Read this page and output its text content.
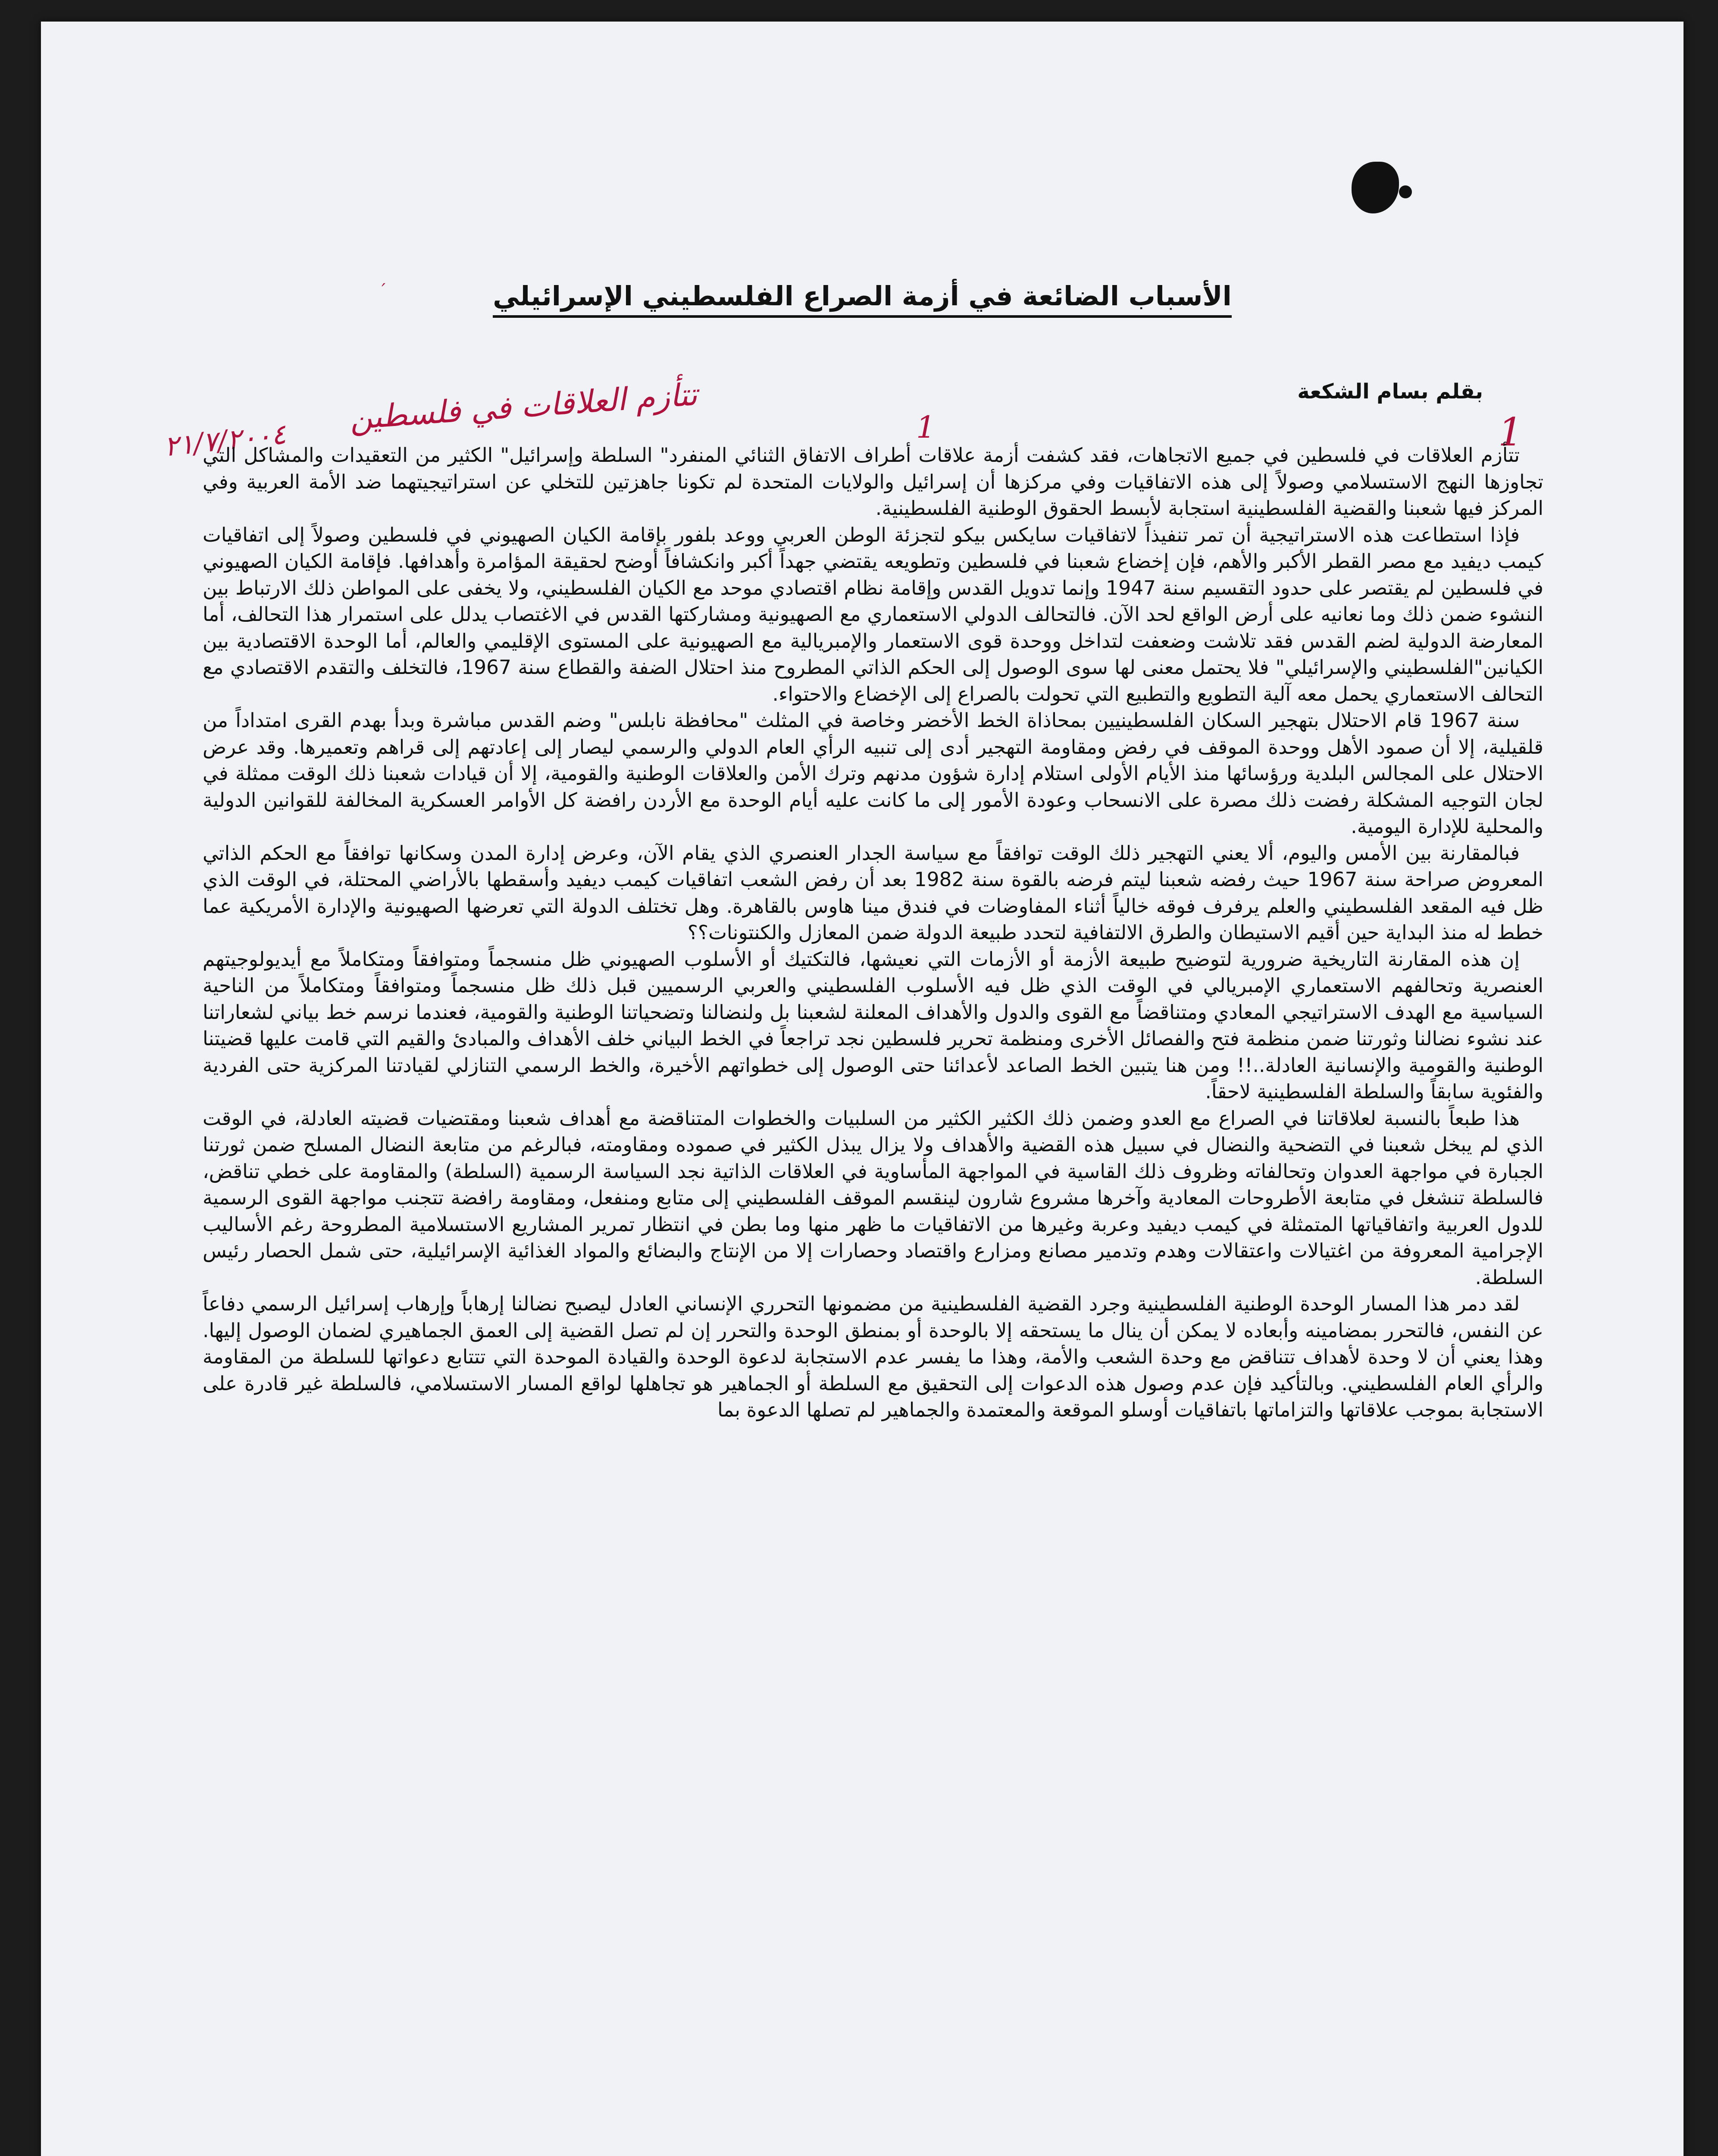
′	الأسباب الضائعة في أزمة الصراع الفلسطيني الإسرائيلي
بقلم بسام الشكعة
تتأزم العلاقات في فلسطين
٢١/٧/٢٠٠٤	1	1

تتأزم العلاقات في فلسطين في جميع الاتجاهات، فقد كشفت أزمة علاقات أطراف الاتفاق الثنائي المنفرد" السلطة وإسرائيل" الكثير من التعقيدات والمشاكل التي تجاوزها النهج الاستسلامي وصولاً إلى هذه الاتفاقيات وفي مركزها أن إسرائيل والولايات المتحدة لم تكونا جاهزتين للتخلي عن استراتيجيتهما ضد الأمة العربية وفي المركز فيها شعبنا والقضية الفلسطينية استجابة لأبسط الحقوق الوطنية الفلسطينية.

فإذا استطاعت هذه الاستراتيجية أن تمر تنفيذاً لاتفاقيات سايكس بيكو لتجزئة الوطن العربي ووعد بلفور بإقامة الكيان الصهيوني في فلسطين وصولاً إلى اتفاقيات كيمب ديفيد مع مصر القطر الأكبر والأهم، فإن إخضاع شعبنا في فلسطين وتطويعه يقتضي جهداً أكبر وانكشافاً أوضح لحقيقة المؤامرة وأهدافها. فإقامة الكيان الصهيوني في فلسطين لم يقتصر على حدود التقسيم سنة 1947 وإنما تدويل القدس وإقامة نظام اقتصادي موحد مع الكيان الفلسطيني، ولا يخفى على المواطن ذلك الارتباط بين النشوء ضمن ذلك وما نعانيه على أرض الواقع لحد الآن. فالتحالف الدولي الاستعماري مع الصهيونية ومشاركتها القدس في الاغتصاب يدلل على استمرار هذا التحالف، أما المعارضة الدولية لضم القدس فقد تلاشت وضعفت لتداخل ووحدة قوى الاستعمار والإمبريالية مع الصهيونية على المستوى الإقليمي والعالم، أما الوحدة الاقتصادية بين الكيانين"الفلسطيني والإسرائيلي" فلا يحتمل معنى لها سوى الوصول إلى الحكم الذاتي المطروح منذ احتلال الضفة والقطاع سنة 1967، فالتخلف والتقدم الاقتصادي مع التحالف الاستعماري يحمل معه آلية التطويع والتطبيع التي تحولت بالصراع إلى الإخضاع والاحتواء.

سنة 1967 قام الاحتلال بتهجير السكان الفلسطينيين بمحاذاة الخط الأخضر وخاصة في المثلث "محافظة نابلس" وضم القدس مباشرة وبدأ بهدم القرى امتداداً من قلقيلية، إلا أن صمود الأهل ووحدة الموقف في رفض ومقاومة التهجير أدى إلى تنبيه الرأي العام الدولي والرسمي ليصار إلى إعادتهم إلى قراهم وتعميرها. وقد عرض الاحتلال على المجالس البلدية ورؤسائها منذ الأيام الأولى استلام إدارة شؤون مدنهم وترك الأمن والعلاقات الوطنية والقومية، إلا أن قيادات شعبنا ذلك الوقت ممثلة في لجان التوجيه المشكلة رفضت ذلك مصرة على الانسحاب وعودة الأمور إلى ما كانت عليه أيام الوحدة مع الأردن رافضة كل الأوامر العسكرية المخالفة للقوانين الدولية والمحلية للإدارة اليومية.

فبالمقارنة بين الأمس واليوم، ألا يعني التهجير ذلك الوقت توافقاً مع سياسة الجدار العنصري الذي يقام الآن، وعرض إدارة المدن وسكانها توافقاً مع الحكم الذاتي المعروض صراحة سنة 1967 حيث رفضه شعبنا ليتم فرضه بالقوة سنة 1982 بعد أن رفض الشعب اتفاقيات كيمب ديفيد وأسقطها بالأراضي المحتلة، في الوقت الذي ظل فيه المقعد الفلسطيني والعلم يرفرف فوقه خالياً أثناء المفاوضات في فندق مينا هاوس بالقاهرة. وهل تختلف الدولة التي تعرضها الصهيونية والإدارة الأمريكية عما خطط له منذ البداية حين أقيم الاستيطان والطرق الالتفافية لتحدد طبيعة الدولة ضمن المعازل والكنتونات؟؟

إن هذه المقارنة التاريخية ضرورية لتوضيح طبيعة الأزمة أو الأزمات التي نعيشها، فالتكتيك أو الأسلوب الصهيوني ظل منسجماً ومتوافقاً ومتكاملاً مع أيديولوجيتهم العنصرية وتحالفهم الاستعماري الإمبريالي في الوقت الذي ظل فيه الأسلوب الفلسطيني والعربي الرسميين قبل ذلك ظل منسجماً ومتوافقاً ومتكاملاً من الناحية السياسية مع الهدف الاستراتيجي المعادي ومتناقضاً مع القوى والدول والأهداف المعلنة لشعبنا بل ولنضالنا وتضحياتنا الوطنية والقومية، فعندما نرسم خط بياني لشعاراتنا عند نشوء نضالنا وثورتنا ضمن منظمة فتح والفصائل الأخرى ومنظمة تحرير فلسطين نجد تراجعاً في الخط البياني خلف الأهداف والمبادئ والقيم التي قامت عليها قضيتنا الوطنية والقومية والإنسانية العادلة..!! ومن هنا يتبين الخط الصاعد لأعدائنا حتى الوصول إلى خطواتهم الأخيرة، والخط الرسمي التنازلي لقيادتنا المركزية حتى الفردية والفئوية سابقاً والسلطة الفلسطينية لاحقاً.

هذا طبعاً بالنسبة لعلاقاتنا في الصراع مع العدو وضمن ذلك الكثير الكثير من السلبيات والخطوات المتناقضة مع أهداف شعبنا ومقتضيات قضيته العادلة، في الوقت الذي لم يبخل شعبنا في التضحية والنضال في سبيل هذه القضية والأهداف ولا يزال يبذل الكثير في صموده ومقاومته، فبالرغم من متابعة النضال المسلح ضمن ثورتنا الجبارة في مواجهة العدوان وتحالفاته وظروف ذلك القاسية في المواجهة المأساوية في العلاقات الذاتية نجد السياسة الرسمية (السلطة) والمقاومة على خطي تناقض، فالسلطة تنشغل في متابعة الأطروحات المعادية وآخرها مشروع شارون لينقسم الموقف الفلسطيني إلى متابع ومنفعل، ومقاومة رافضة تتجنب مواجهة القوى الرسمية للدول العربية واتفاقياتها المتمثلة في كيمب ديفيد وعربة وغيرها من الاتفاقيات ما ظهر منها وما بطن في انتظار تمرير المشاريع الاستسلامية المطروحة رغم الأساليب الإجرامية المعروفة من اغتيالات واعتقالات وهدم وتدمير مصانع ومزارع واقتصاد وحصارات إلا من الإنتاج والبضائع والمواد الغذائية الإسرائيلية، حتى شمل الحصار رئيس السلطة.

لقد دمر هذا المسار الوحدة الوطنية الفلسطينية وجرد القضية الفلسطينية من مضمونها التحرري الإنساني العادل ليصبح نضالنا إرهاباً وإرهاب إسرائيل الرسمي دفاعاً عن النفس، فالتحرر بمضامينه وأبعاده لا يمكن أن ينال ما يستحقه إلا بالوحدة أو بمنطق الوحدة والتحرر إن لم تصل القضية إلى العمق الجماهيري لضمان الوصول إليها. وهذا يعني أن لا وحدة لأهداف تتناقض مع وحدة الشعب والأمة، وهذا ما يفسر عدم الاستجابة لدعوة الوحدة والقيادة الموحدة التي تتتابع دعواتها للسلطة من المقاومة والرأي العام الفلسطيني. وبالتأكيد فإن عدم وصول هذه الدعوات إلى التحقيق مع السلطة أو الجماهير هو تجاهلها لواقع المسار الاستسلامي، فالسلطة غير قادرة على الاستجابة بموجب علاقاتها والتزاماتها باتفاقيات أوسلو الموقعة والمعتمدة والجماهير لم تصلها الدعوة بما
